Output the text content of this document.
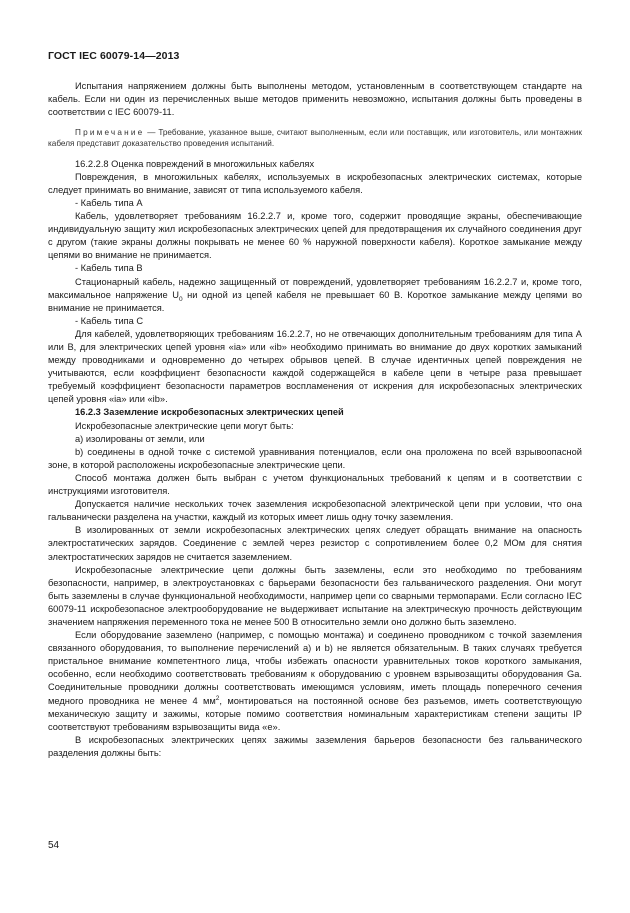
ГОСТ IEC 60079-14—2013

Испытания напряжением должны быть выполнены методом, установленным в соответствующем стандарте на кабель. Если ни один из перечисленных выше методов применить невозможно, испытания должны быть проведены в соответствии с IEC 60079-11.

Примечание — Требование, указанное выше, считают выполненным, если или поставщик, или изготовитель, или монтажник кабеля представит доказательство проведения испытаний.

16.2.2.8 Оценка повреждений в многожильных кабелях

Повреждения, в многожильных кабелях, используемых в искробезопасных электрических системах, которые следует принимать во внимание, зависят от типа используемого кабеля.

- Кабель типа А

Кабель, удовлетворяет требованиям 16.2.2.7 и, кроме того, содержит проводящие экраны, обеспечивающие индивидуальную защиту жил искробезопасных электрических цепей для предотвращения их случайного соединения друг с другом (такие экраны должны покрывать не менее 60 % наружной поверхности кабеля). Короткое замыкание между цепями во внимание не принимается.

- Кабель типа В

Стационарный кабель, надежно защищенный от повреждений, удовлетворяет требованиям 16.2.2.7 и, кроме того, максимальное напряжение $U_0$ ни одной из цепей кабеля не превышает 60 В. Короткое замыкание между цепями во внимание не принимается.

- Кабель типа С

Для кабелей, удовлетворяющих требованиям 16.2.2.7, но не отвечающих дополнительным требованиям для типа А или В, для электрических цепей уровня «ia» или «ib» необходимо принимать во внимание до двух коротких замыканий между проводниками и одновременно до четырех обрывов цепей. В случае идентичных цепей повреждения не учитываются, если коэффициент безопасности каждой содержащейся в кабеле цепи в четыре раза превышает требуемый коэффициент безопасности параметров воспламенения от искрения для искробезопасных электрических цепей уровня «ia» или «ib».

16.2.3 Заземление искробезопасных электрических цепей

Искробезопасные электрические цепи могут быть:

а) изолированы от земли, или

b) соединены в одной точке с системой уравнивания потенциалов, если она проложена по всей взрывоопасной зоне, в которой расположены искробезопасные электрические цепи.

Способ монтажа должен быть выбран с учетом функциональных требований к цепям и в соответствии с инструкциями изготовителя.

Допускается наличие нескольких точек заземления искробезопасной электрической цепи при условии, что она гальванически разделена на участки, каждый из которых имеет лишь одну точку заземления.

В изолированных от земли искробезопасных электрических цепях следует обращать внимание на опасность электростатических зарядов. Соединение с землей через резистор с сопротивлением более 0,2 МОм для снятия электростатических зарядов не считается заземлением.

Искробезопасные электрические цепи должны быть заземлены, если это необходимо по требованиям безопасности, например, в электроустановках с барьерами безопасности без гальванического разделения. Они могут быть заземлены в случае функциональной необходимости, например цепи со сварными термопарами. Если согласно IEC 60079-11 искробезопасное электрооборудование не выдерживает испытание на электрическую прочность действующим значением напряжения переменного тока не менее 500 В относительно земли оно должно быть заземлено.

Если оборудование заземлено (например, с помощью монтажа) и соединено проводником с точкой заземления связанного оборудования, то выполнение перечислений а) и b) не является обязательным. В таких случаях требуется пристальное внимание компетентного лица, чтобы избежать опасности уравнительных токов короткого замыкания, особенно, если необходимо соответствовать требованиям к оборудованию с уровнем взрывозащиты оборудования Ga. Соединительные проводники должны соответствовать имеющимся условиям, иметь площадь поперечного сечения медного проводника не менее 4 $мм^2$, монтироваться на постоянной основе без разъемов, иметь соответствующую механическую защиту и зажимы, которые помимо соответствия номинальным характеристикам степени защиты IP соответствуют требованиям взрывозащиты вида «е».

В искробезопасных электрических цепях зажимы заземления барьеров безопасности без гальванического разделения должны быть:

54
